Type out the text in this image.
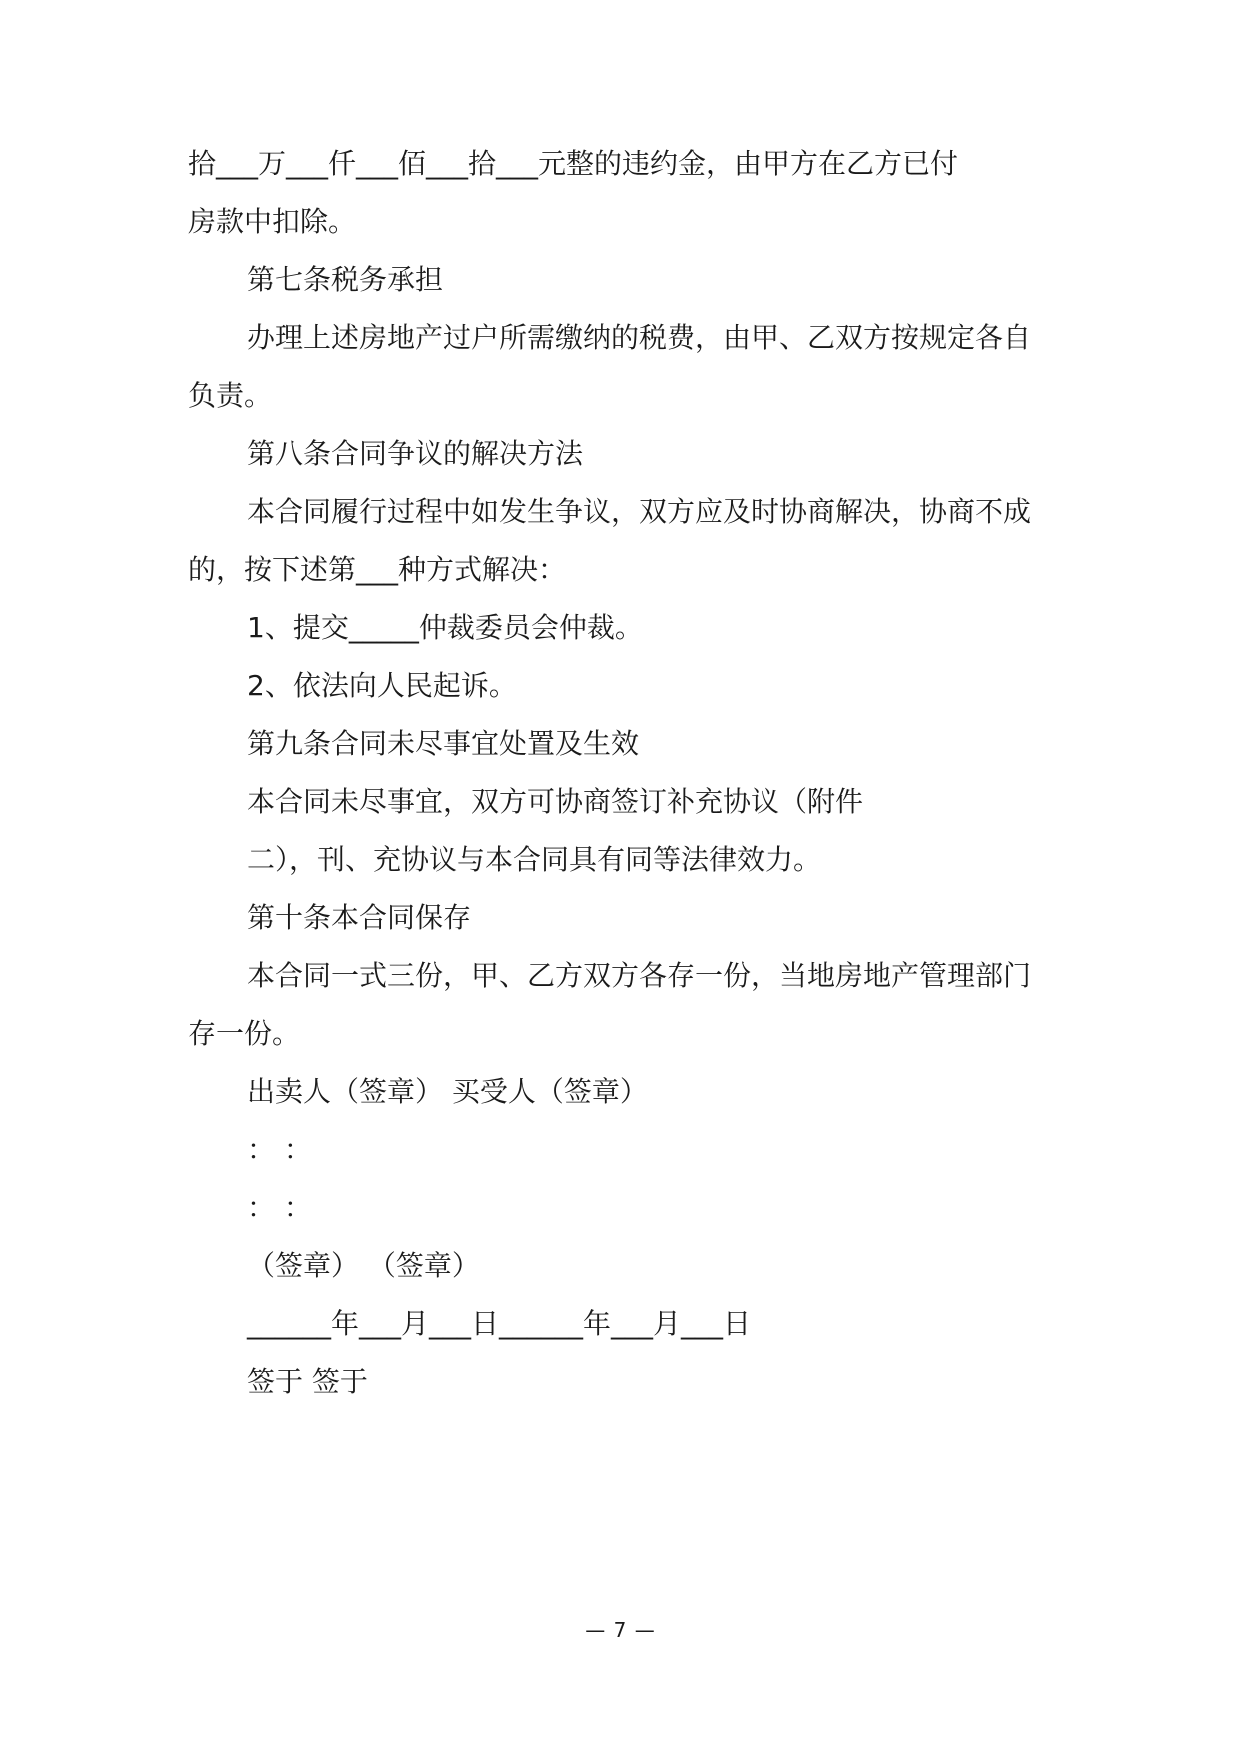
拾___万___仟___佰___拾___元整的违约金，由甲方在乙方已付
房款中扣除。
第七条税务承担
办理上述房地产过户所需缴纳的税费，由甲、乙双方按规定各自
负责。
第八条合同争议的解决方法
本合同履行过程中如发生争议，双方应及时协商解决，协商不成
的，按下述第___种方式解决：
1、提交_____仲裁委员会仲裁。
2、依法向人民起诉。
第九条合同未尽事宜处置及生效
本合同未尽事宜，双方可协商签订补充协议（附件
二），刊、充协议与本合同具有同等法律效力。
第十条本合同保存
本合同一式三份，甲、乙方双方各存一份，当地房地产管理部门
存一份。
出卖人（签章） 买受人（签章）
： ：
： ：
（签章） （签章）
______年___月___日______年___月___日
签于 签于
— 7 —
